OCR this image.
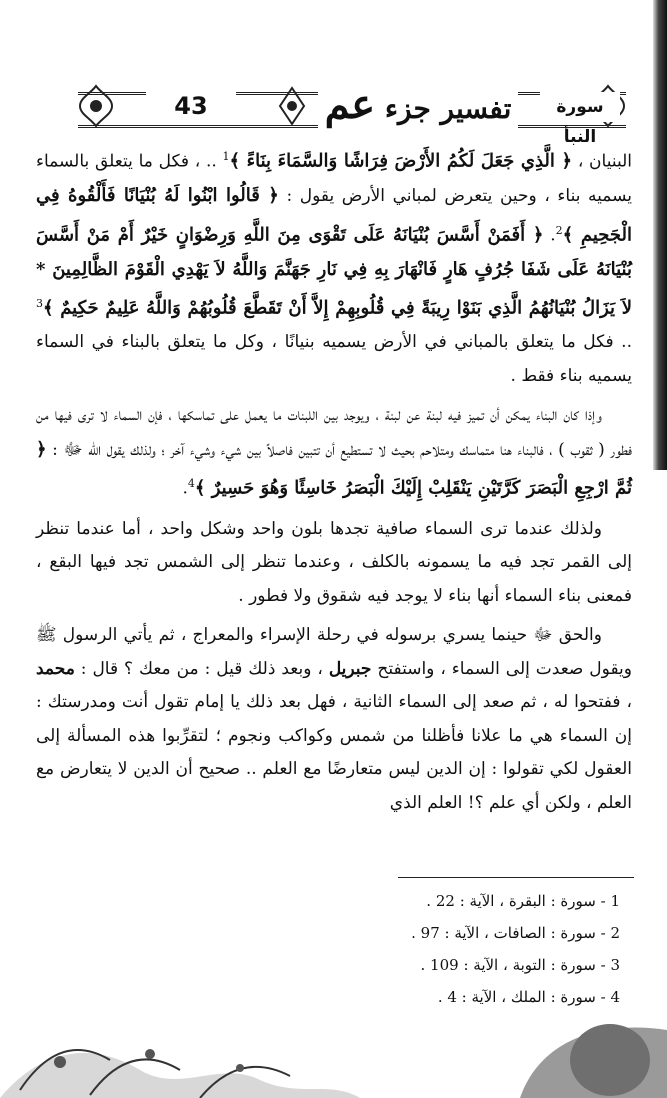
43	تفسير جزء عم	سورة النبأ

البنيان ، ﴿ الَّذِي جَعَلَ لَكُمُ الأَرْضَ فِرَاشًا وَالسَّمَاءَ بِنَاءً ﴾$^1$ .. ، فكل ما يتعلق بالسماء يسميه بناء ، وحين يتعرض لمباني الأرض يقول : ﴿ قَالُوا ابْنُوا لَهُ بُنْيَانًا فَأَلْقُوهُ فِي الْجَحِيمِ ﴾$^2$. ﴿ أَفَمَنْ أَسَّسَ بُنْيَانَهُ عَلَى تَقْوَى مِنَ اللَّهِ وَرِضْوَانٍ خَيْرٌ أَمْ مَنْ أَسَّسَ بُنْيَانَهُ عَلَى شَفَا جُرُفٍ هَارٍ فَانْهَارَ بِهِ فِي نَارِ جَهَنَّمَ وَاللَّهُ لاَ يَهْدِي الْقَوْمَ الظَّالِمِينَ * لاَ يَزَالُ بُنْيَانُهُمُ الَّذِي بَنَوْا رِيبَةً فِي قُلُوبِهِمْ إِلاَّ أَنْ تَقَطَّعَ قُلُوبُهُمْ وَاللَّهُ عَلِيمٌ حَكِيمٌ ﴾$^3$ .. فكل ما يتعلق بالمباني في الأرض يسميه بنيانًا ، وكل ما يتعلق بالبناء في السماء يسميه بناء فقط .

وإذا كان البناء يمكن أن تميز فيه لبنة عن لبنة ، ويوجد بين اللبنات ما يعمل على تماسكها ، فإن السماء لا ترى فيها من فطور ( ثقوب ) ، فالبناء هنا متماسك ومتلاحم بحيث لا تستطيع أن تتبين فاصلاً بين شيء وشيء آخر ؛ ولذلك يقول الله ﷻ : ﴿ ثُمَّ ارْجِعِ الْبَصَرَ كَرَّتَيْنِ يَنْقَلِبْ إِلَيْكَ الْبَصَرُ خَاسِئًا وَهُوَ حَسِيرٌ ﴾$^4$.

ولذلك عندما ترى السماء صافية تجدها بلون واحد وشكل واحد ، أما عندما تنظر إلى القمر تجد فيه ما يسمونه بالكلف ، وعندما تنظر إلى الشمس تجد فيها البقع ، فمعنى بناء السماء أنها بناء لا يوجد فيه شقوق ولا فطور .

والحق ﷻ حينما يسري برسوله في رحلة الإسراء والمعراج ، ثم يأتي الرسول ﷺ ويقول صعدت إلى السماء ، واستفتح جبريل ، وبعد ذلك قيل : من معك ؟ قال : محمد ، ففتحوا له ، ثم صعد إلى السماء الثانية ، فهل بعد ذلك يا إمام تقول أنت ومدرستك : إن السماء هي ما علانا فأظلنا من شمس وكواكب ونجوم ؛ لتقرِّبوا هذه المسألة إلى العقول لكي تقولوا : إن الدين ليس متعارضًا مع العلم .. صحيح أن الدين لا يتعارض مع العلم ، ولكن أي علم ؟! العلم الذي

1 - سورة : البقرة ، الآية : 22 .
2 - سورة : الصافات ، الآية : 97 .
3 - سورة : التوبة ، الآية : 109 .
4 - سورة : الملك ، الآية : 4 .
